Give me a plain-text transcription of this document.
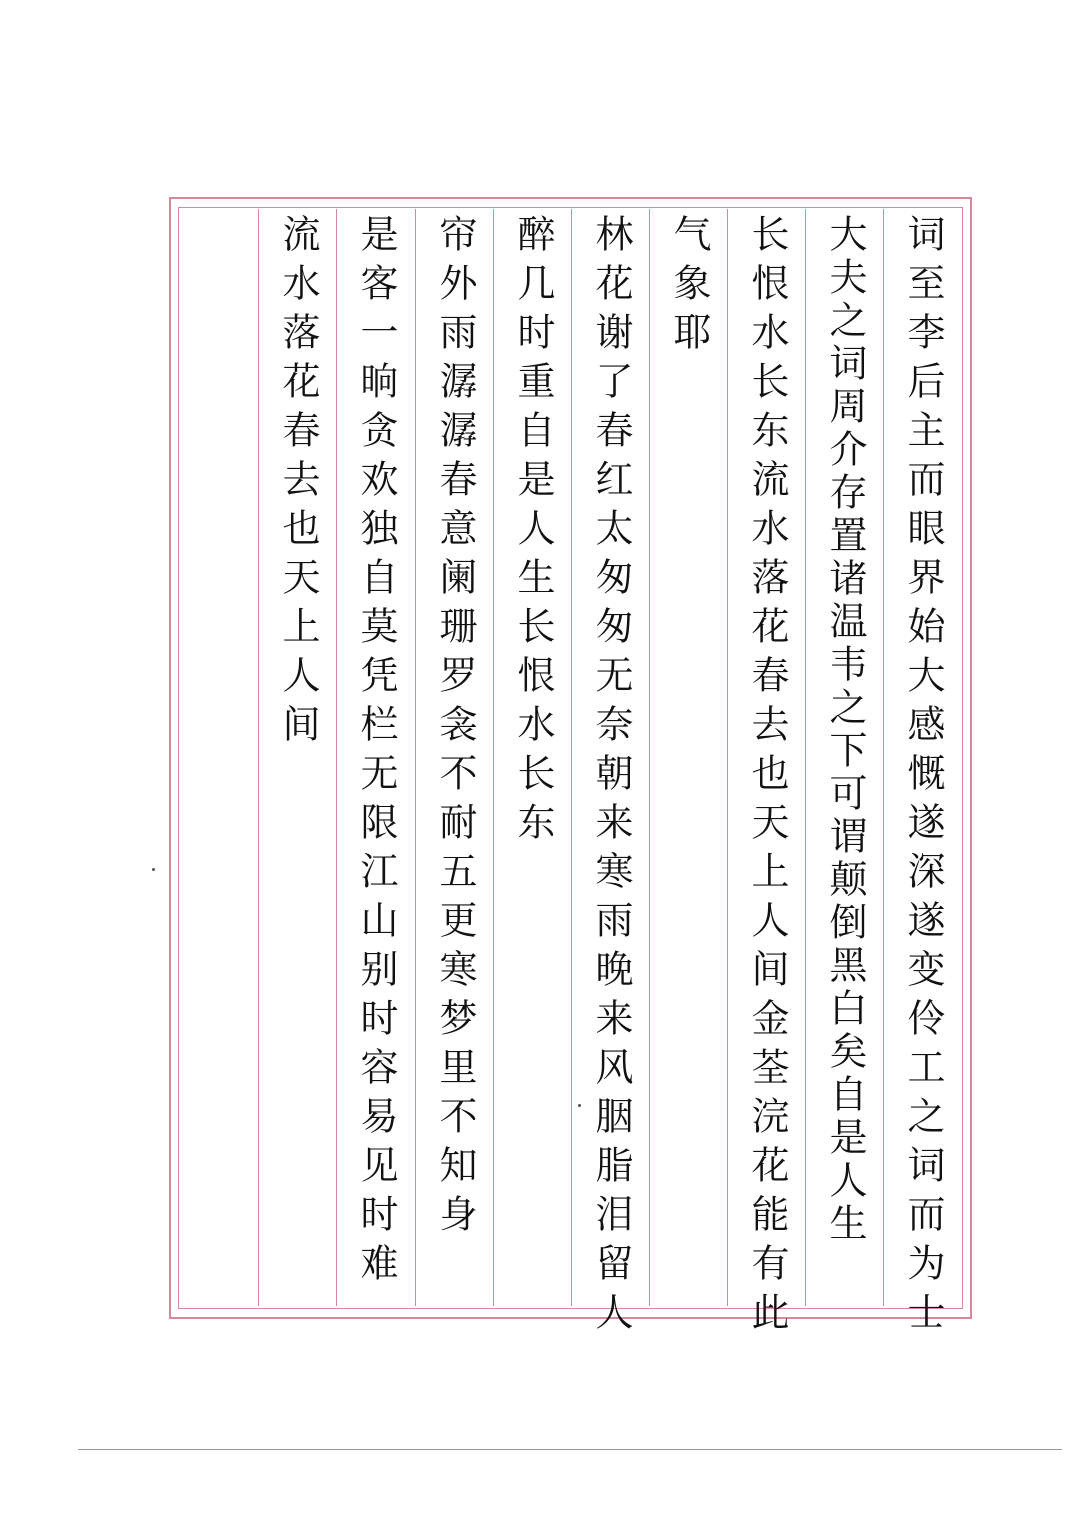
词至李后主而眼界始大感慨遂深遂变伶工之词而为士
大夫之词周介存置诸温韦之下可谓颠倒黑白矣自是人生
长恨水长东流水落花春去也天上人间金荃浣花能有此
气象耶
林花谢了春红太匆匆无奈朝来寒雨晚来风胭脂泪留人
醉几时重自是人生长恨水长东
帘外雨潺潺春意阑珊罗衾不耐五更寒梦里不知身
是客一晌贪欢独自莫凭栏无限江山别时容易见时难
流水落花春去也天上人间
